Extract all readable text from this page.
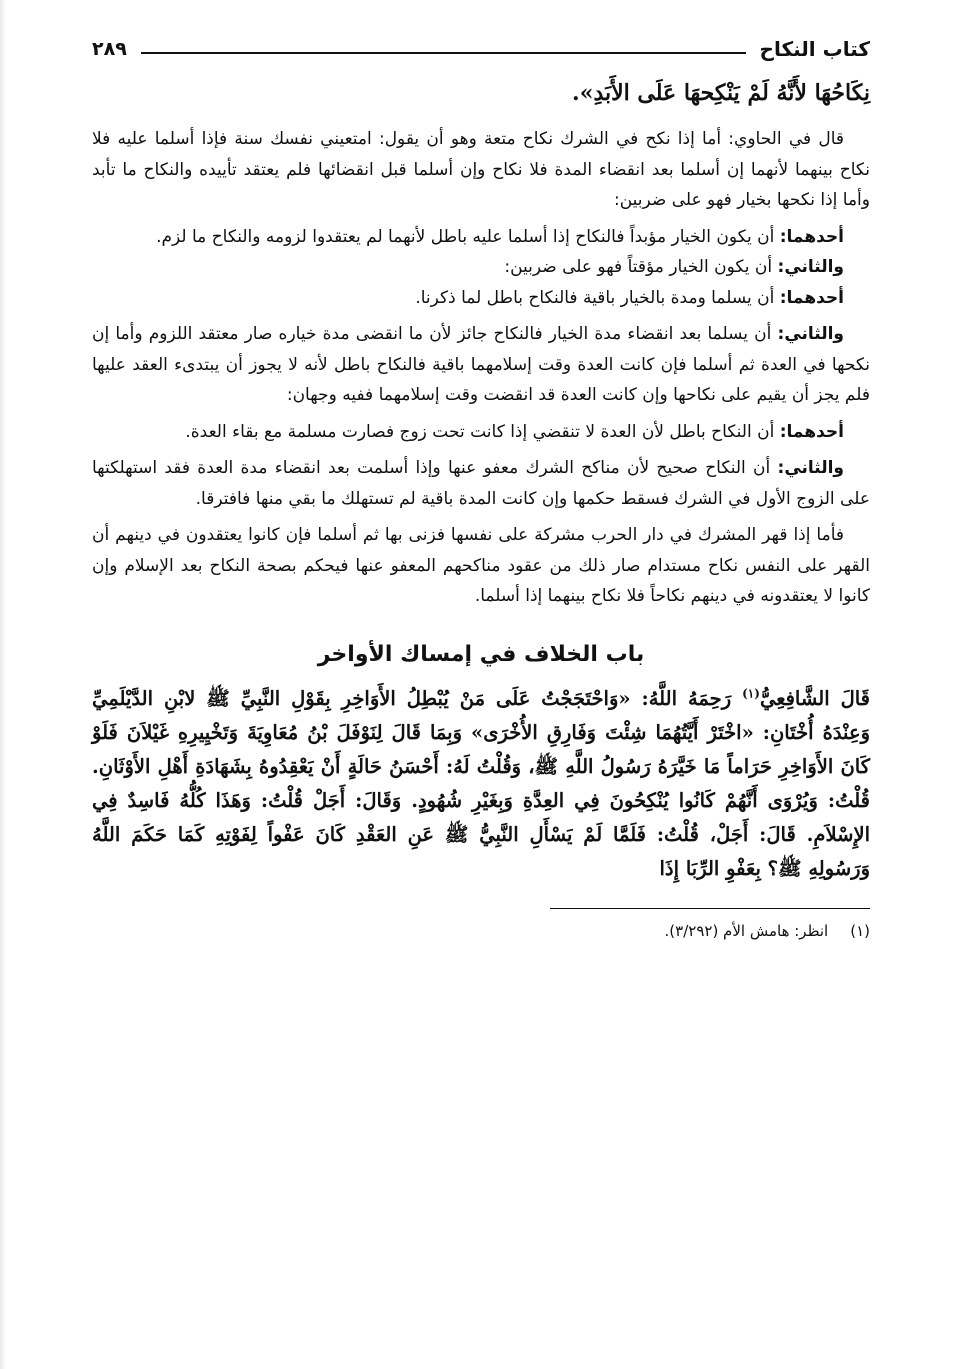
كتاب النكاح
٢٨٩
نِكَاحُهَا لأَنَّهُ لَمْ يَنْكِحهَا عَلَى الأَبَدِ».

قال في الحاوي: أما إذا نكح في الشرك نكاح متعة وهو أن يقول: امتعيني نفسك سنة فإذا أسلما عليه فلا نكاح بينهما لأنهما إن أسلما بعد انقضاء المدة فلا نكاح وإن أسلما قبل انقضائها فلم يعتقد تأييده والنكاح ما تأبد وأما إذا نكحها بخيار فهو على ضربين:

أحدهما: أن يكون الخيار مؤبداً فالنكاح إذا أسلما عليه باطل لأنهما لم يعتقدوا لزومه والنكاح ما لزم.

والثاني: أن يكون الخيار مؤقتاً فهو على ضربين:

أحدهما: أن يسلما ومدة بالخيار باقية فالنكاح باطل لما ذكرنا.

والثاني: أن يسلما بعد انقضاء مدة الخيار فالنكاح جائز لأن ما انقضى مدة خياره صار معتقد اللزوم وأما إن نكحها في العدة ثم أسلما فإن كانت العدة وقت إسلامهما باقية فالنكاح باطل لأنه لا يجوز أن يبتدىء العقد عليها فلم يجز أن يقيم على نكاحها وإن كانت العدة قد انقضت وقت إسلامهما ففيه وجهان:

أحدهما: أن النكاح باطل لأن العدة لا تنقضي إذا كانت تحت زوج فصارت مسلمة مع بقاء العدة.

والثاني: أن النكاح صحيح لأن مناكح الشرك معفو عنها وإذا أسلمت بعد انقضاء مدة العدة فقد استهلكتها على الزوج الأول في الشرك فسقط حكمها وإن كانت المدة باقية لم تستهلك ما بقي منها فافترقا.

فأما إذا قهر المشرك في دار الحرب مشركة على نفسها فزنى بها ثم أسلما فإن كانوا يعتقدون في دينهم أن القهر على النفس نكاح مستدام صار ذلك من عقود مناكحهم المعفو عنها فيحكم بصحة النكاح بعد الإسلام وإن كانوا لا يعتقدونه في دينهم نكاحاً فلا نكاح بينهما إذا أسلما.

باب الخلاف في إمساك الأواخر

قَالَ الشَّافِعِيُّ$^{(١)}$ رَحِمَهُ اللَّهُ: «وَاحْتَجَجْتُ عَلَى مَنْ يُبْطِلُ الأَوَاخِرِ بِقَوْلِ النَّبِيِّ ﷺ لابْنِ الدَّيْلَمِيِّ وَعِنْدَهُ أُخْتَانِ: «اخْتَرْ أَيَّتُهُمَا شِئْتَ وَفَارِقِ الأُخْرَى» وَبِمَا قَالَ لِنَوْفَلَ بْنُ مُعَاوِيَةَ وَتَخْيِيرِهِ غَيْلاَنَ فَلَوْ كَانَ الأَوَاخِرِ حَرَاماً مَا خَيَّرَهُ رَسُولُ اللَّهِ ﷺ، وَقُلْتُ لَهُ: أَحْسَنُ حَالَةٍ أَنْ يَعْقِدُوهُ بِشَهَادَةِ أَهْلِ الأَوْثَانِ. قُلْتُ: وَيُرْوَى أَنَّهُمْ كَانُوا يُنْكِحُونَ فِي العِدَّةِ وَبِغَيْرِ شُهُودٍ. وَقَالَ: أَجَلْ قُلْتُ: وَهَذَا كُلُّهُ فَاسِدٌ فِي الإِسْلاَمِ. قَالَ: أَجَلْ، قُلْتُ: فَلَمَّا لَمْ يَسْأَلِ النَّبِيُّ ﷺ عَنِ العَقْدِ كَانَ عَفْواً لِفَوْتِهِ كَمَا حَكَمَ اللَّهُ وَرَسُولِهِ ﷺ؟ بِعَفْوِ الرِّبَا إِذَا

(١)
انظر: هامش الأم (٣/٢٩٢).
